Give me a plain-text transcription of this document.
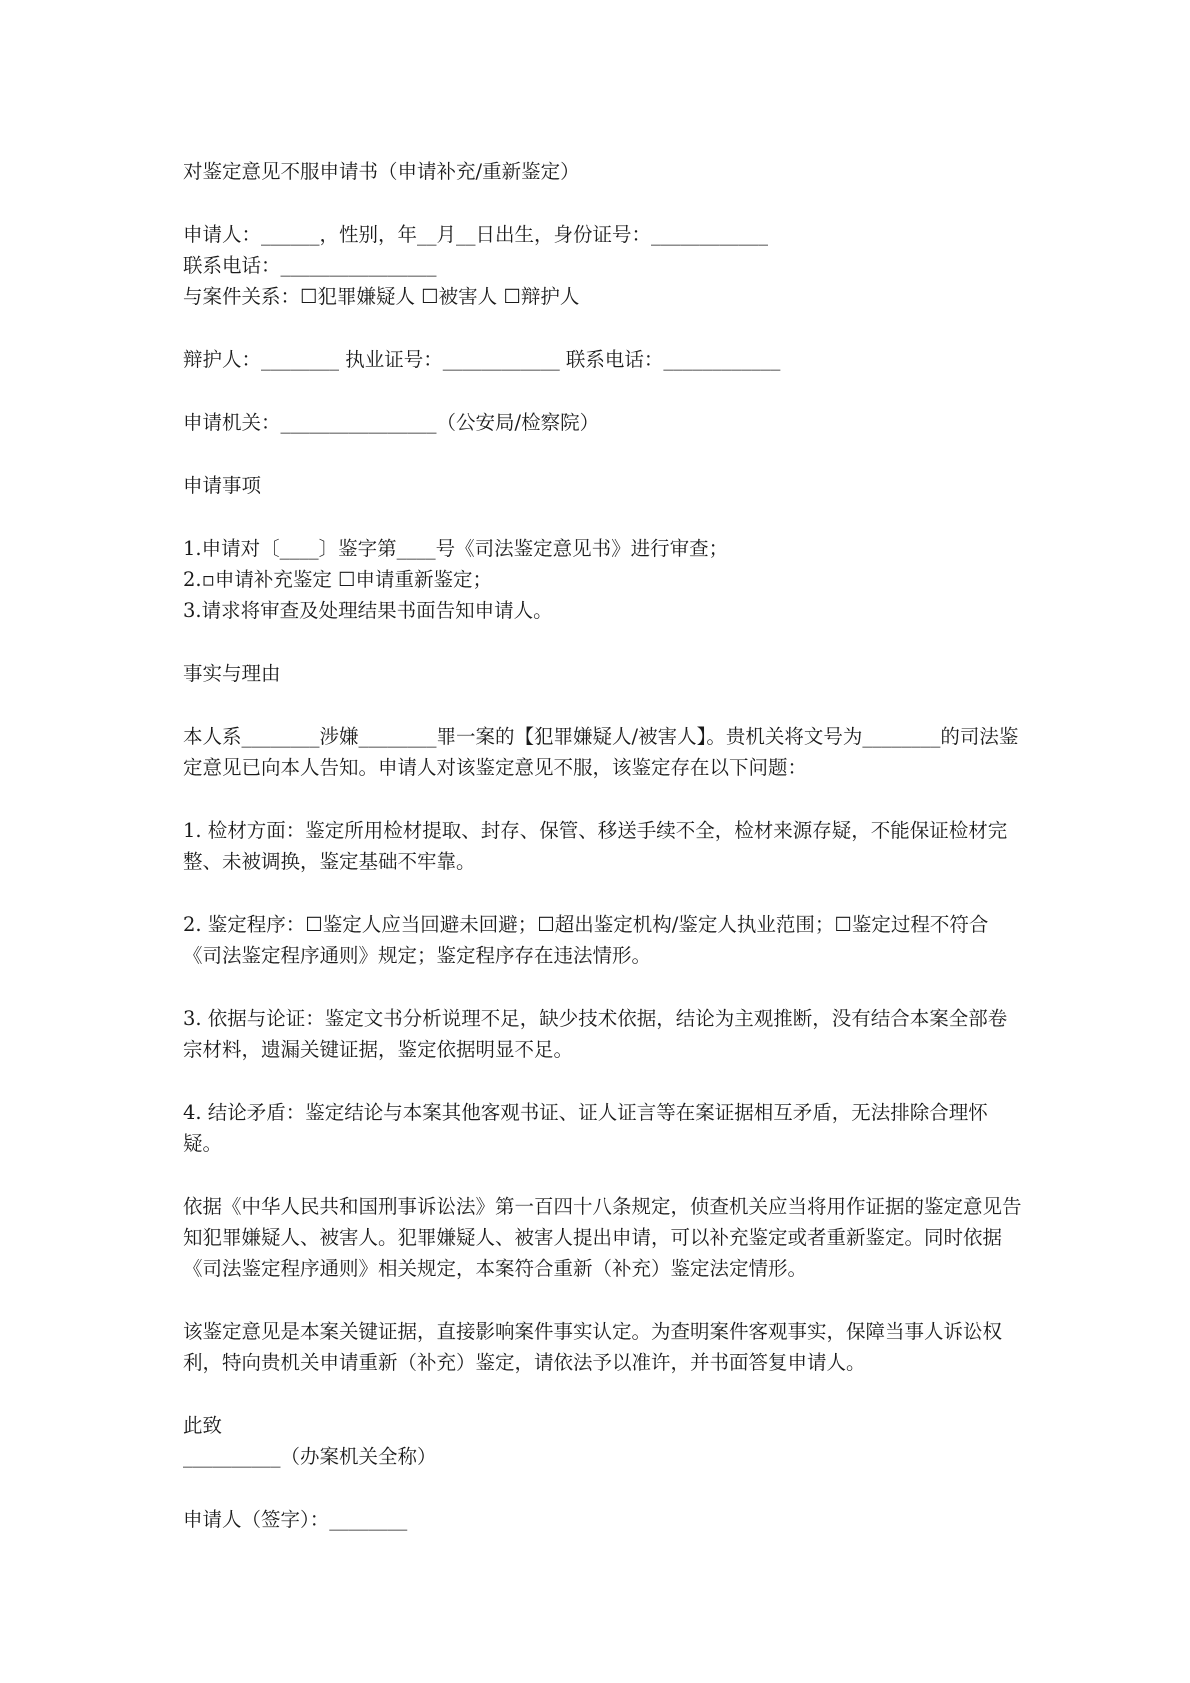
对鉴定意见不服申请书（申请补充/重新鉴定）
申请人：______，性别，年__月__日出生，身份证号：____________
联系电话：________________
与案件关系：☐犯罪嫌疑人 ☐被害人 ☐辩护人
辩护人：________ 执业证号：____________ 联系电话：____________
申请机关：________________（公安局/检察院）
申请事项
1.申请对〔____〕鉴字第____号《司法鉴定意见书》进行审查；
2.▫申请补充鉴定 ☐申请重新鉴定；
3.请求将审查及处理结果书面告知申请人。
事实与理由
本人系________涉嫌________罪一案的【犯罪嫌疑人/被害人】。贵机关将文号为________的司法鉴定意见已向本人告知。申请人对该鉴定意见不服，该鉴定存在以下问题：
1. 检材方面：鉴定所用检材提取、封存、保管、移送手续不全，检材来源存疑，不能保证检材完整、未被调换，鉴定基础不牢靠。
2. 鉴定程序：☐鉴定人应当回避未回避；☐超出鉴定机构/鉴定人执业范围；☐鉴定过程不符合《司法鉴定程序通则》规定；鉴定程序存在违法情形。
3. 依据与论证：鉴定文书分析说理不足，缺少技术依据，结论为主观推断，没有结合本案全部卷宗材料，遗漏关键证据，鉴定依据明显不足。
4. 结论矛盾：鉴定结论与本案其他客观书证、证人证言等在案证据相互矛盾，无法排除合理怀疑。
依据《中华人民共和国刑事诉讼法》第一百四十八条规定，侦查机关应当将用作证据的鉴定意见告知犯罪嫌疑人、被害人。犯罪嫌疑人、被害人提出申请，可以补充鉴定或者重新鉴定。同时依据《司法鉴定程序通则》相关规定，本案符合重新（补充）鉴定法定情形。
该鉴定意见是本案关键证据，直接影响案件事实认定。为查明案件客观事实，保障当事人诉讼权利，特向贵机关申请重新（补充）鉴定，请依法予以准许，并书面答复申请人。
此致
__________（办案机关全称）
申请人（签字）：________
